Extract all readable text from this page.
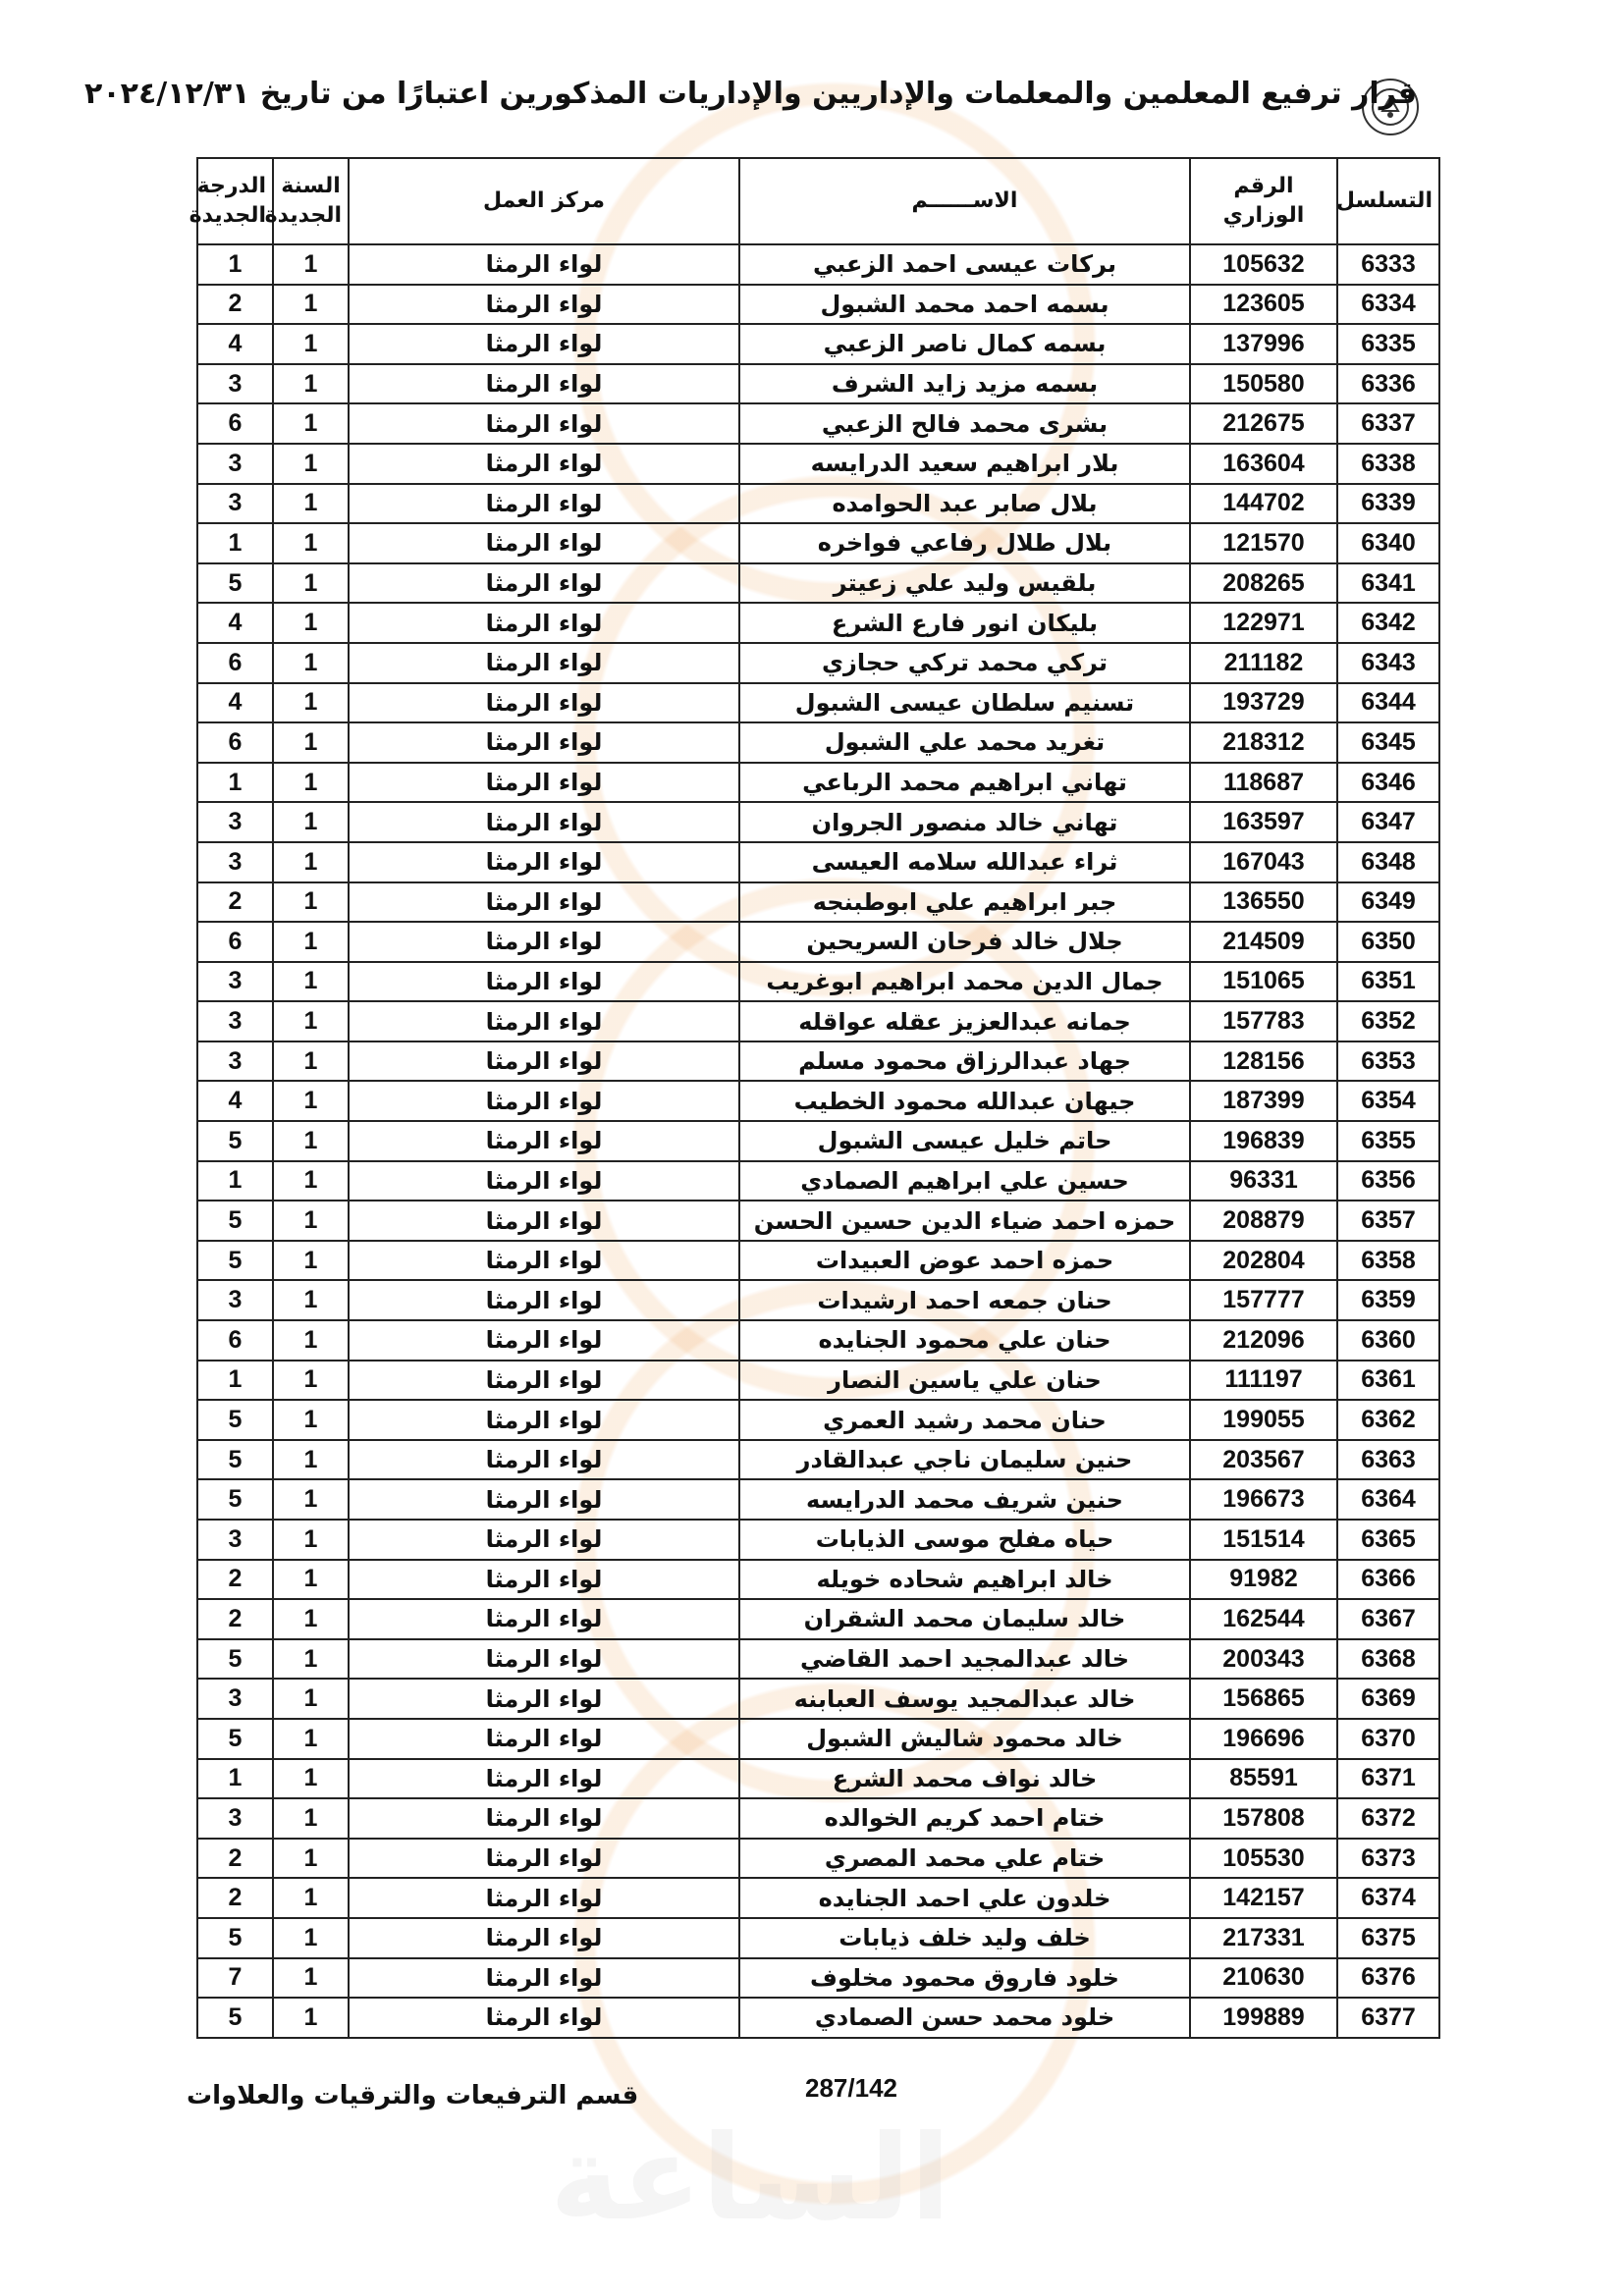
الساعة
قرار ترفيع المعلمين والمعلمات والإداريين والإداريات المذكورين اعتبارًا من تاريخ ٢٠٢٤/١٢/٣١
التسلسل	الرقم الوزاري	الاســــــم	مركز العمل	السنة الجديدة	الدرجة الجديدة
6333	105632	بركات عيسى احمد الزعبي	لواء الرمثا	1	1
6334	123605	بسمه احمد محمد الشبول	لواء الرمثا	1	2
6335	137996	بسمه كمال ناصر الزعبي	لواء الرمثا	1	4
6336	150580	بسمه مزيد زايد الشرف	لواء الرمثا	1	3
6337	212675	بشرى محمد فالح الزعبي	لواء الرمثا	1	6
6338	163604	بلار ابراهيم سعيد الدرايسه	لواء الرمثا	1	3
6339	144702	بلال صابر عبد الحوامده	لواء الرمثا	1	3
6340	121570	بلال طلال رفاعي فواخره	لواء الرمثا	1	1
6341	208265	بلقيس وليد علي زعيتر	لواء الرمثا	1	5
6342	122971	بليكان انور فارع الشرع	لواء الرمثا	1	4
6343	211182	تركي محمد تركي حجازي	لواء الرمثا	1	6
6344	193729	تسنيم سلطان عيسى الشبول	لواء الرمثا	1	4
6345	218312	تغريد محمد علي الشبول	لواء الرمثا	1	6
6346	118687	تهاني ابراهيم محمد الرباعي	لواء الرمثا	1	1
6347	163597	تهاني خالد منصور الجروان	لواء الرمثا	1	3
6348	167043	ثراء عبدالله سلامه العيسى	لواء الرمثا	1	3
6349	136550	جبر ابراهيم علي ابوطبنجه	لواء الرمثا	1	2
6350	214509	جلال خالد فرحان السريحين	لواء الرمثا	1	6
6351	151065	جمال الدين محمد ابراهيم ابوغريب	لواء الرمثا	1	3
6352	157783	جمانه عبدالعزيز عقله عواقله	لواء الرمثا	1	3
6353	128156	جهاد عبدالرزاق محمود مسلم	لواء الرمثا	1	3
6354	187399	جيهان عبدالله محمود الخطيب	لواء الرمثا	1	4
6355	196839	حاتم خليل عيسى الشبول	لواء الرمثا	1	5
6356	96331	حسين علي ابراهيم الصمادي	لواء الرمثا	1	1
6357	208879	حمزه احمد ضياء الدين حسين الحسن	لواء الرمثا	1	5
6358	202804	حمزه احمد عوض العبيدات	لواء الرمثا	1	5
6359	157777	حنان جمعه احمد ارشيدات	لواء الرمثا	1	3
6360	212096	حنان علي محمود الجنايده	لواء الرمثا	1	6
6361	111197	حنان علي ياسين النصار	لواء الرمثا	1	1
6362	199055	حنان محمد رشيد العمري	لواء الرمثا	1	5
6363	203567	حنين سليمان ناجي عبدالقادر	لواء الرمثا	1	5
6364	196673	حنين شريف محمد الدرايسه	لواء الرمثا	1	5
6365	151514	حياه مفلح موسى الذيابات	لواء الرمثا	1	3
6366	91982	خالد ابراهيم شحاده خويله	لواء الرمثا	1	2
6367	162544	خالد سليمان محمد الشقران	لواء الرمثا	1	2
6368	200343	خالد عبدالمجيد احمد القاضي	لواء الرمثا	1	5
6369	156865	خالد عبدالمجيد يوسف العبابنه	لواء الرمثا	1	3
6370	196696	خالد محمود شاليش الشبول	لواء الرمثا	1	5
6371	85591	خالد نواف محمد الشرع	لواء الرمثا	1	1
6372	157808	ختام احمد كريم الخوالده	لواء الرمثا	1	3
6373	105530	ختام علي محمد المصري	لواء الرمثا	1	2
6374	142157	خلدون علي احمد الجنايده	لواء الرمثا	1	2
6375	217331	خلف وليد خلف ذيابات	لواء الرمثا	1	5
6376	210630	خلود فاروق محمود مخلوف	لواء الرمثا	1	7
6377	199889	خلود محمد حسن الصمادي	لواء الرمثا	1	5
287/142
قسم الترفيعات والترقيات والعلاوات
